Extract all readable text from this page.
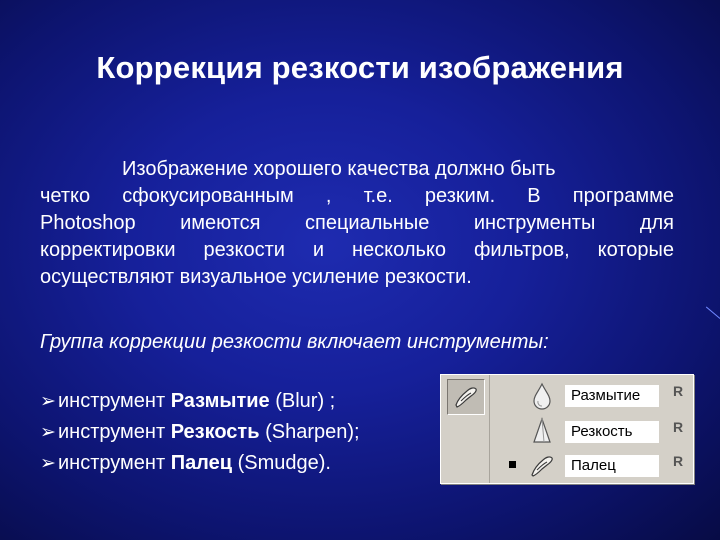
Коррекция резкости изображения

Изображение хорошего качества должно быть
четко сфокусированным , т.е. резким. В программе
Photoshop имеются специальные инструменты для
корректировки резкости и несколько фильтров, которые
осуществляют визуальное усиление резкости.

Группа коррекции резкости включает инструменты:

➢ инструмент Размытие (Blur) ;
➢ инструмент Резкость (Sharpen);
➢ инструмент Палец (Smudge).
Размытие	R
Резкость	R
Палец	R
